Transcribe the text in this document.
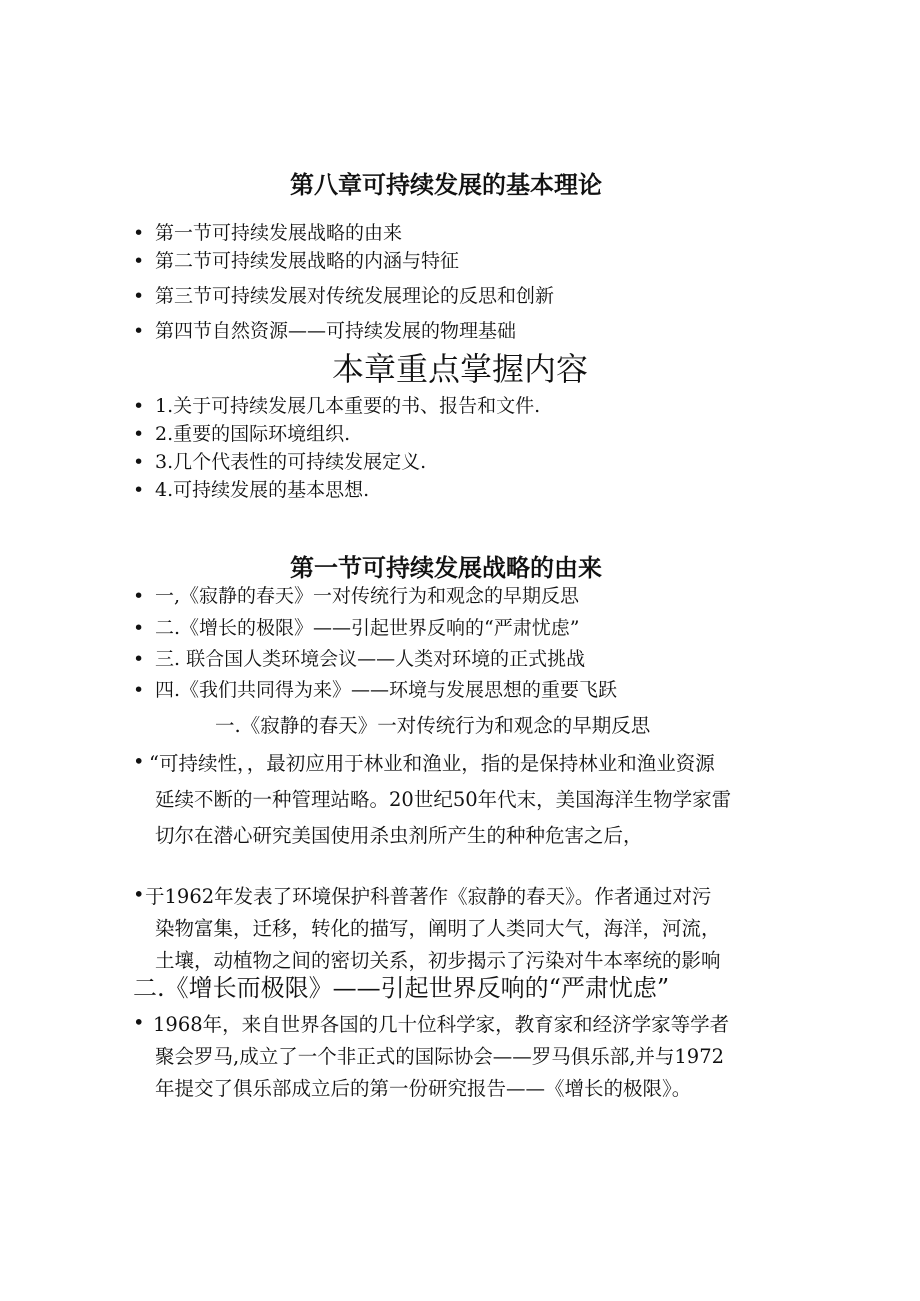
第八章可持续发展的基本理论
• 第一节可持续发展战略的由来
• 第二节可持续发展战略的内涵与特征
• 第三节可持续发展对传统发展理论的反思和创新
• 第四节自然资源——可持续发展的物理基础
本章重点掌握内容
• 1.关于可持续发展几本重要的书、报告和文件.
• 2.重要的国际环境组织.
• 3.几个代表性的可持续发展定义.
• 4.可持续发展的基本思想.
第一节可持续发展战略的由来
• 一,《寂静的春天》一对传统行为和观念的早期反思
• 二.《增长的极限》——引起世界反响的“严肃忧虑”
• 三. 联合国人类环境会议——人类对环境的正式挑战
• 四.《我们共同得为来》——环境与发展思想的重要飞跃
一.《寂静的春天》一对传统行为和观念的早期反思
• “可持续性，，最初应用于林业和渔业，指的是保持林业和渔业资源
延续不断的一种管理站略。20世纪50年代末，美国海洋生物学家雷
切尔在潜心研究美国使用杀虫剂所产生的种种危害之后，
• 于1962年发表了环境保护科普著作《寂静的春天》。作者通过对污
染物富集，迁移，转化的描写，阐明了人类同大气，海洋，河流，
土壤，动植物之间的密切关系，初步揭示了污染对牛本率统的影响
二.《增长而极限》——引起世界反响的“严肃忧虑”
• 1968年，来自世界各国的几十位科学家，教育家和经济学家等学者
聚会罗马,成立了一个非正式的国际协会——罗马俱乐部,并与1972
年提交了俱乐部成立后的第一份研究报告——《增长的极限》。
